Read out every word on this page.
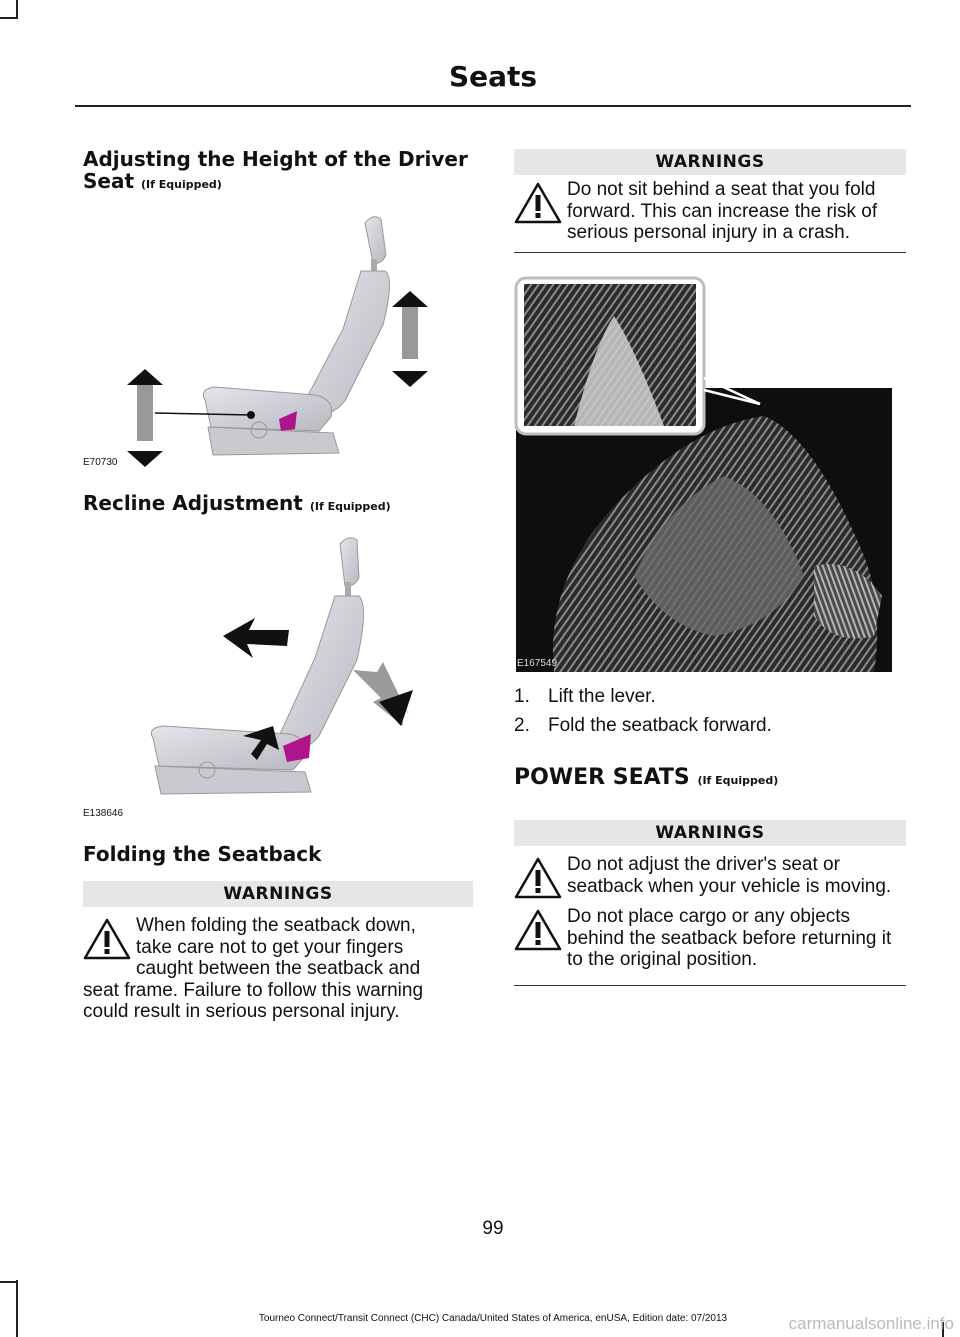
Seats
Adjusting the Height of the Driver
Seat (If Equipped)
E70730
Recline Adjustment (If Equipped)
E138646
Folding the Seatback
WARNINGS
When folding the seatback down,
take care not to get your fingers
caught between the seatback and
seat frame. Failure to follow this warning
could result in serious personal injury.
WARNINGS
Do not sit behind a seat that you fold forward. This can increase the risk of serious personal injury in a crash.
E167549
1. Lift the lever.
2. Fold the seatback forward.
POWER SEATS (If Equipped)
WARNINGS
Do not adjust the driver's seat or seatback when your vehicle is moving.
Do not place cargo or any objects behind the seatback before returning it to the original position.
99
Tourneo Connect/Transit Connect (CHC) Canada/United States of America, enUSA, Edition date: 07/2013	carmanualsonline.info
